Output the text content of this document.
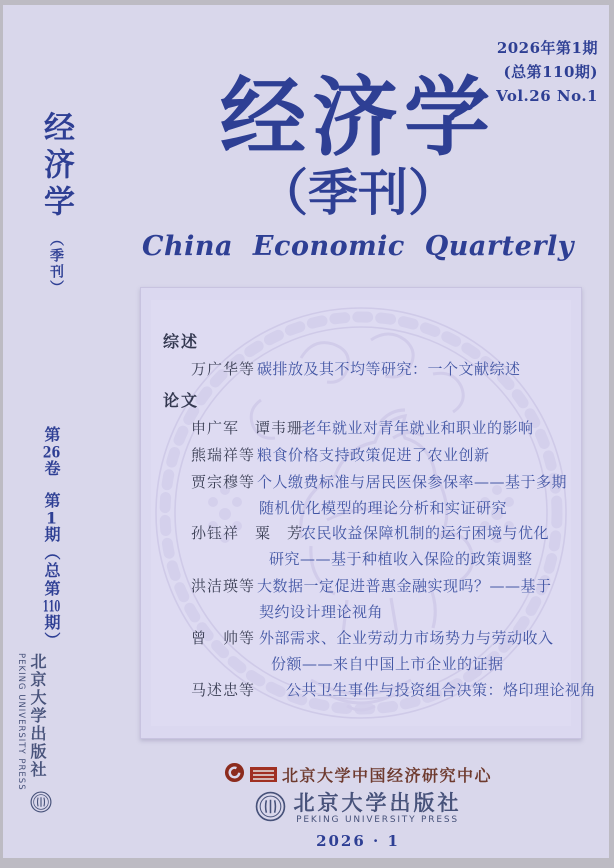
2026年第1期
(总第110期)
Vol.26 No.1
经济学
（季刊）
China Economic Quarterly
经济学（季刊）
第26卷第1期（总第110期）
PEKING UNIVERSITY PRESS 北京大学出版社
综述
万广华等 碳排放及其不均等研究：一个文献综述
论文
申广军　谭韦珊
老年就业对青年就业和职业的影响
熊瑞祥等 粮食价格支持政策促进了农业创新
贾宗穆等 个人缴费标准与居民医保参保率——基于多期
随机优化模型的理论分析和实证研究
孙钰祥　粟　芳
农民收益保障机制的运行困境与优化
研究——基于种植收入保险的政策调整
洪洁瑛等 大数据一定促进普惠金融实现吗？——基于
契约设计理论视角
曾　帅等 外部需求、企业劳动力市场势力与劳动收入
份额——来自中国上市企业的证据
马述忠等 公共卫生事件与投资组合决策：烙印理论视角
北京大学中国经济研究中心
北京大学出版社
PEKING UNIVERSITY PRESS
2026 · 1
